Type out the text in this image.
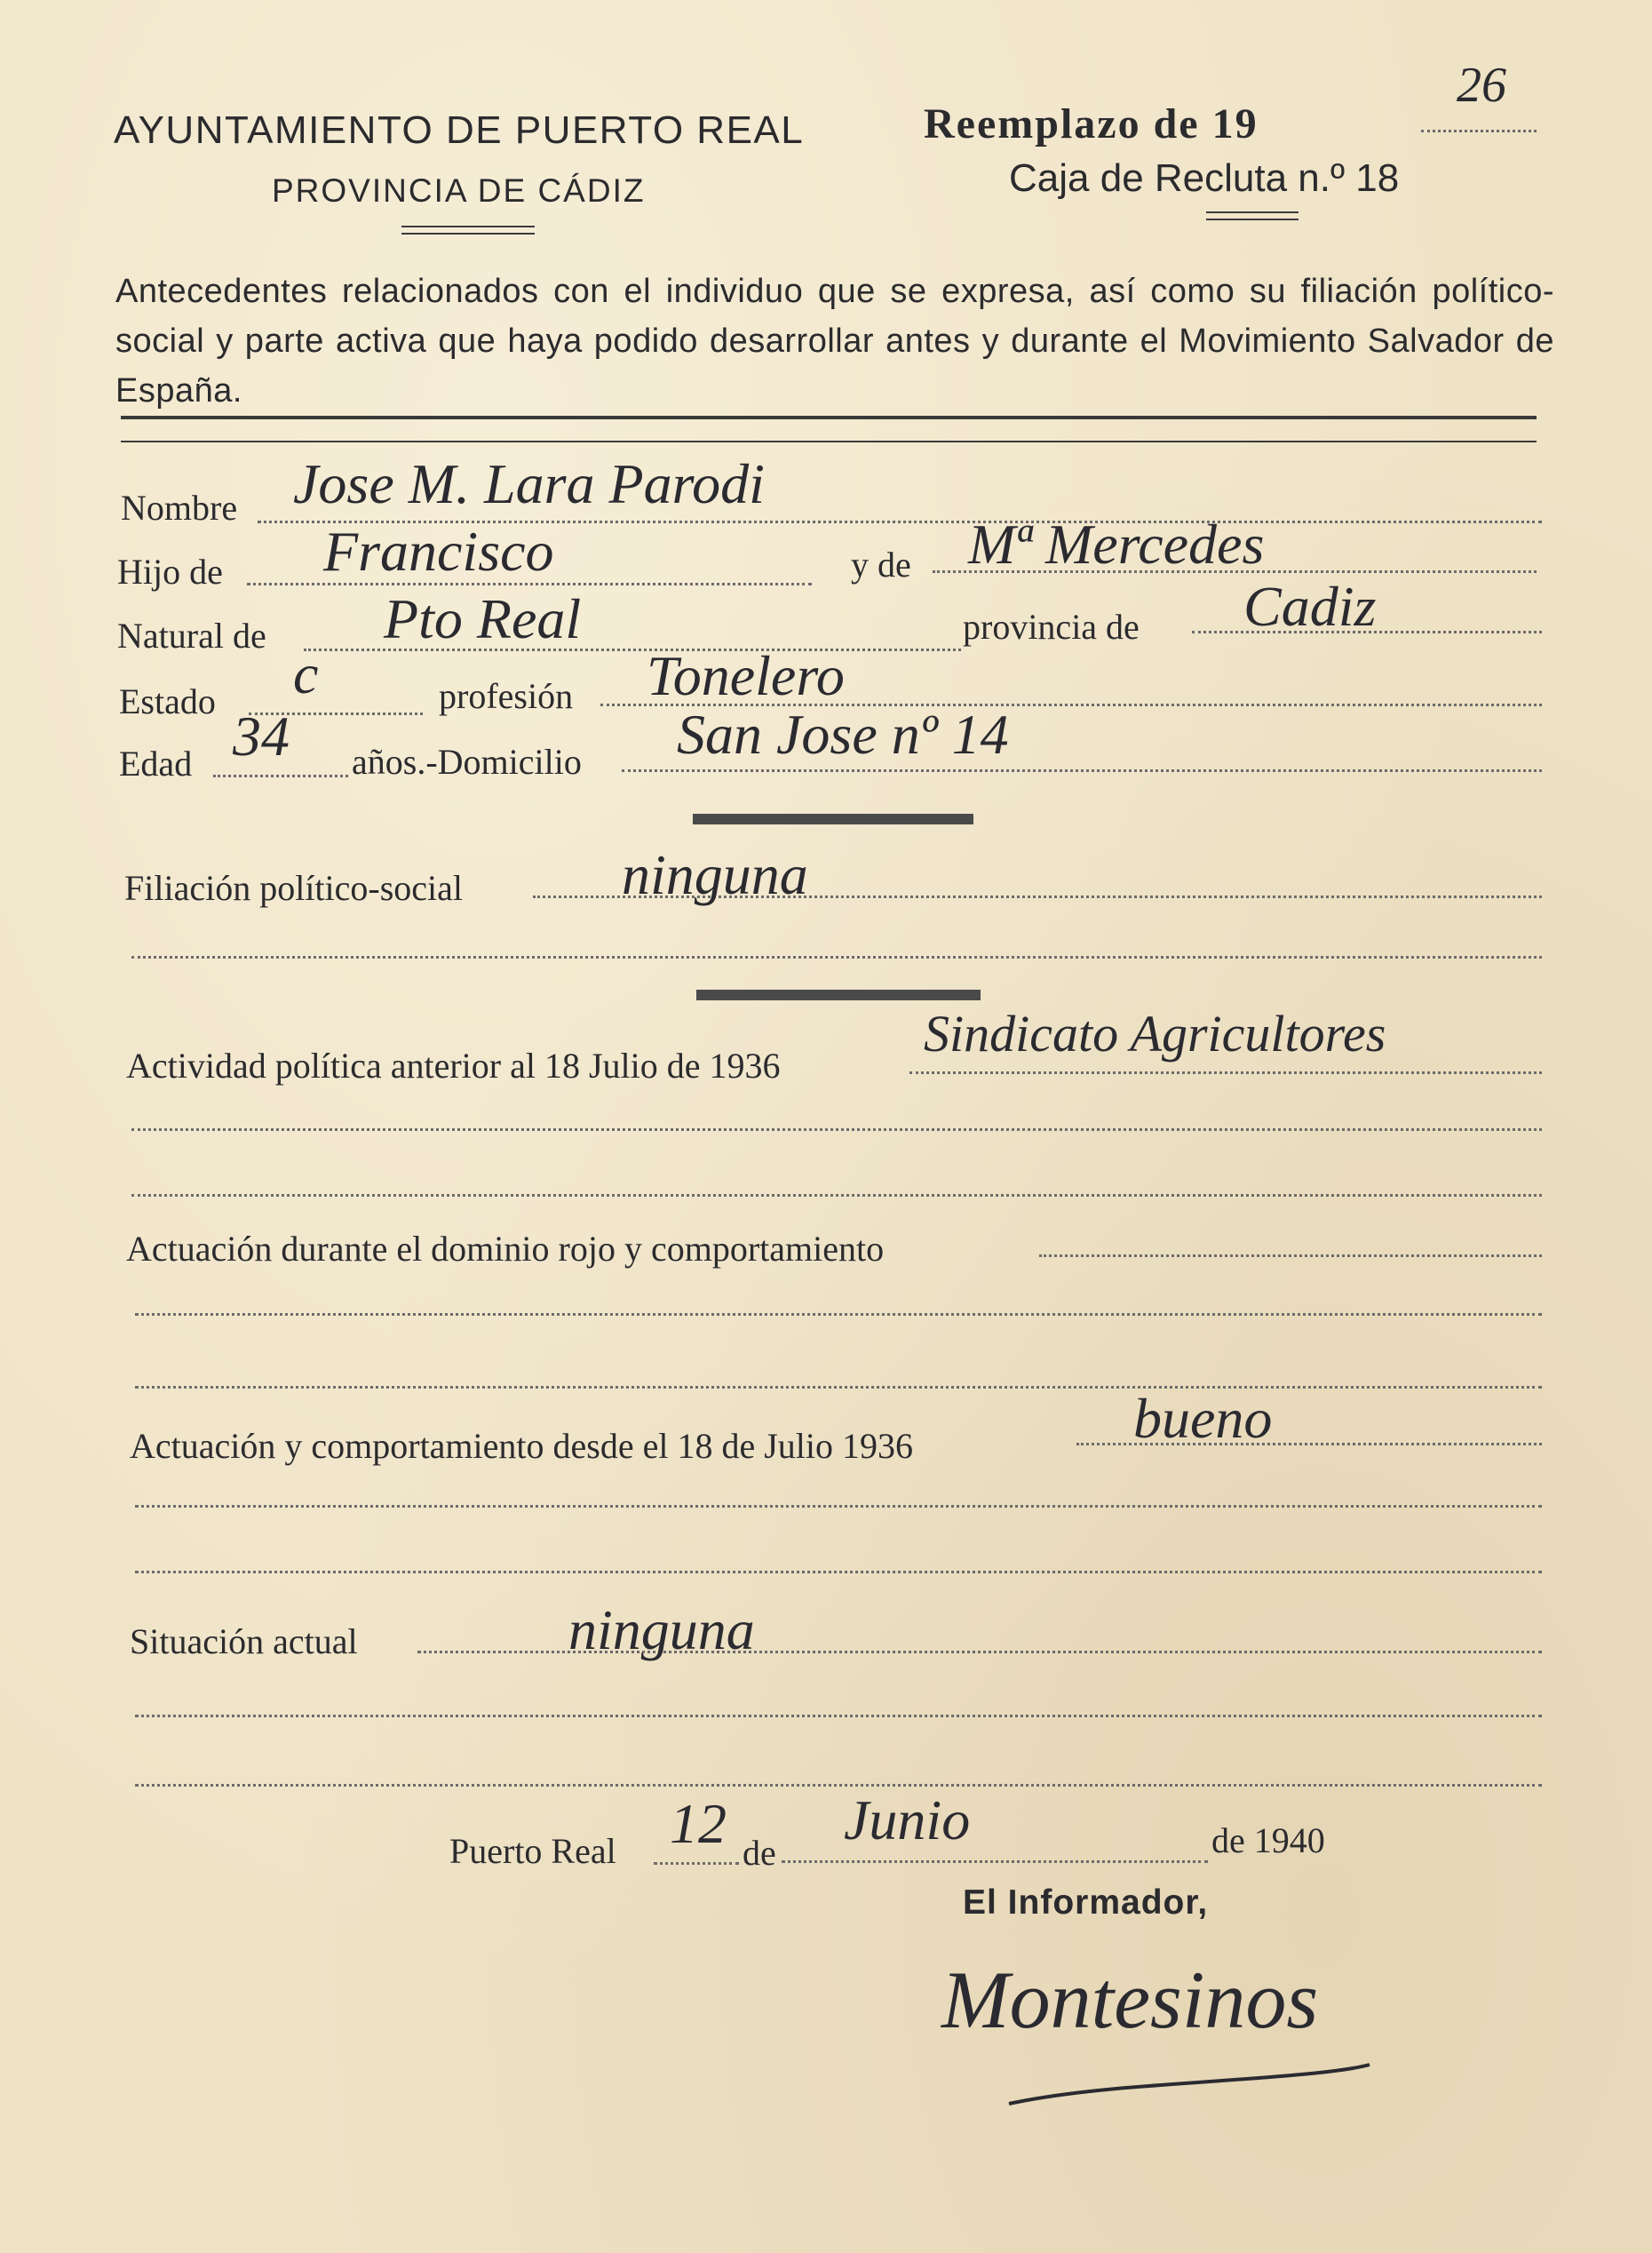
AYUNTAMIENTO DE PUERTO REAL
PROVINCIA DE CÁDIZ
Reemplazo de 19
26
Caja de Recluta n.º 18
Antecedentes relacionados con el individuo que se expresa, así como su filiación político-social y parte activa que haya podido desarrollar antes y durante el Movimiento Salvador de España.
Nombre Jose M. Lara Parodi
Hijo de Francisco	y de Mª Mercedes
Natural de Pto Real	provincia de Cadiz
Estado c	profesión Tonelero
Edad 34 años.-Domicilio San Jose nº 14
Filiación político-social	ninguna
Actividad política anterior al 18 Julio de 1936
Sindicato Agricultores
Actuación durante el dominio rojo y comportamiento
Actuación y comportamiento desde el 18 de Julio 1936	bueno
Situación actual	ninguna
Puerto Real 12 de
Junio	de 1940
El Informador,
Montesinos
